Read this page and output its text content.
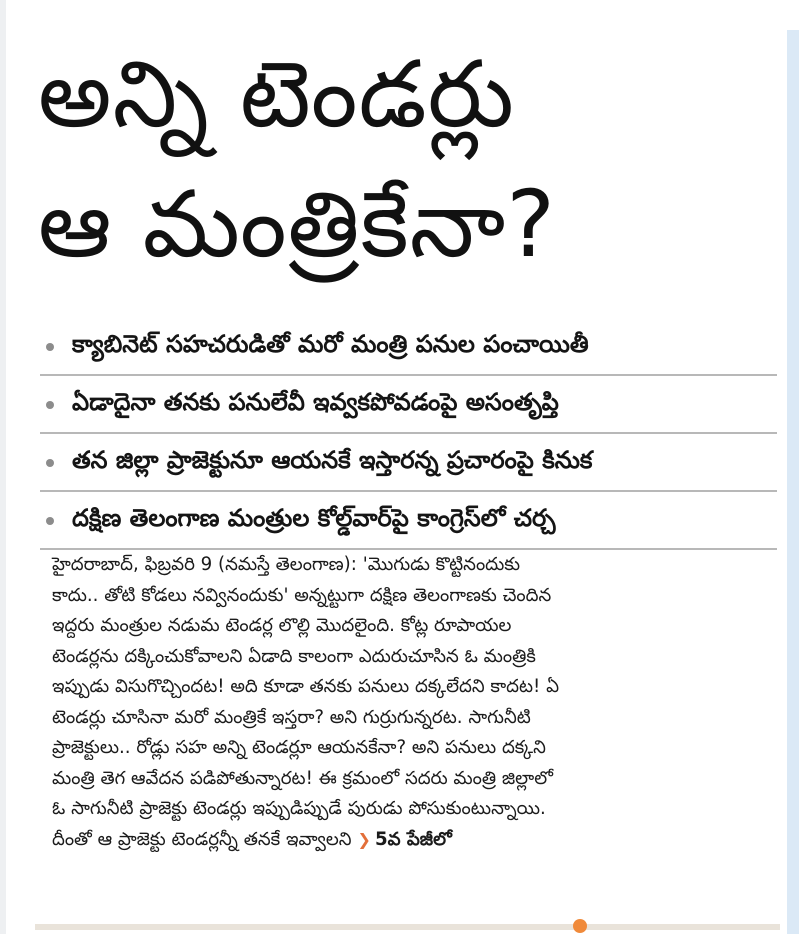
అన్ని టెండర్లు
ఆ మంత్రికేనా?
క్యాబినెట్ సహచరుడితో మరో మంత్రి పనుల పంచాయితీ
ఏడాదైనా తనకు పనులేవీ ఇవ్వకపోవడంపై అసంతృప్తి
తన జిల్లా ప్రాజెక్టునూ ఆయనకే ఇస్తారన్న ప్రచారంపై కినుక
దక్షిణ తెలంగాణ మంత్రుల కోల్డ్‌వార్‌పై కాంగ్రెస్‌లో చర్చ

హైదరాబాద్, ఫిబ్రవరి 9 (నమస్తే తెలంగాణ): 'మొగుడు కొట్టినందుకు

కాదు.. తోటి కోడలు నవ్వినందుకు' అన్నట్టుగా దక్షిణ తెలంగాణకు చెందిన

ఇద్దరు మంత్రుల నడుమ టెండర్ల లొల్లి మొదలైంది. కోట్ల రూపాయల

టెండర్లను దక్కించుకోవాలని ఏడాది కాలంగా ఎదురుచూసిన ఓ మంత్రికి

ఇప్పుడు విసుగొచ్చిందట! అది కూడా తనకు పనులు దక్కలేదని కాదట! ఏ

టెండర్లు చూసినా మరో మంత్రికే ఇస్తరా? అని గుర్రుగున్నరట. సాగునీటి

ప్రాజెక్టులు.. రోడ్లు సహ అన్ని టెండర్లూ ఆయనకేనా? అని పనులు దక్కని

మంత్రి తెగ ఆవేదన పడిపోతున్నారట! ఈ క్రమంలో సదరు మంత్రి జిల్లాలో

ఓ సాగునీటి ప్రాజెక్టు టెండర్లు ఇప్పుడిప్పుడే పురుడు పోసుకుంటున్నాయి.

దీంతో ఆ ప్రాజెక్టు టెండర్లన్నీ తనకే ఇవ్వాలని ❯ 5వ పేజీలో
